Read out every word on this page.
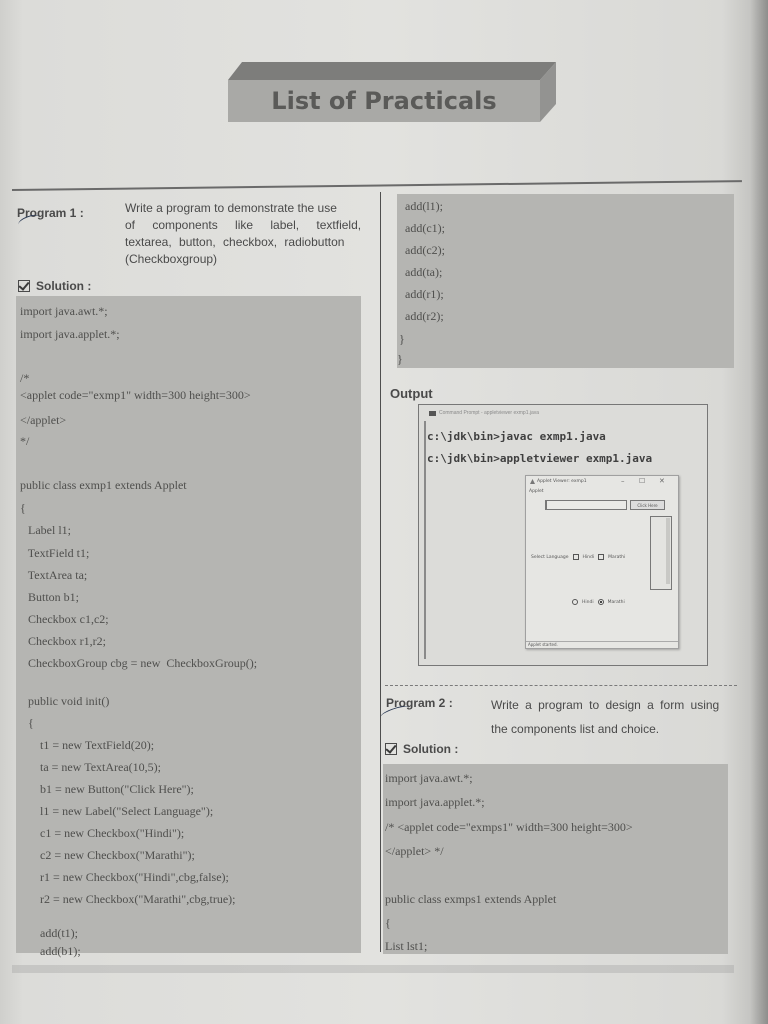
List of Practicals
Program 1 :	Write a program to demonstrate the use
of components like label, textfield,
textarea, button, checkbox, radiobutton
(Checkboxgroup)
Solution :
import java.awt.*;
import java.applet.*;
/*
<applet code="exmp1" width=300 height=300>
</applet>
*/
public class exmp1 extends Applet
{
Label l1;
TextField t1;
TextArea ta;
Button b1;
Checkbox c1,c2;
Checkbox r1,r2;
CheckboxGroup cbg = new  CheckboxGroup();
public void init()
{
t1 = new TextField(20);
ta = new TextArea(10,5);
b1 = new Button("Click Here");
l1 = new Label("Select Language");
c1 = new Checkbox("Hindi");
c2 = new Checkbox("Marathi");
r1 = new Checkbox("Hindi",cbg,false);
r2 = new Checkbox("Marathi",cbg,true);
add(t1);
add(b1);
add(l1);
add(c1);
add(c2);
add(ta);
add(r1);
add(r2);
}
}
Output
Command Prompt - appletviewer exmp1.java
c:\jdk\bin>javac exmp1.java
c:\jdk\bin>appletviewer exmp1.java
Applet Viewer: exmp1	– ☐ ✕
Applet
Click Here
Select Language	Hindi	Marathi
Hindi	Marathi
Applet started.
Program 2 :	Write a program to design a form using
the components list and choice.
Solution :
import java.awt.*;
import java.applet.*;
/* <applet code="exmps1" width=300 height=300>
</applet> */
public class exmps1 extends Applet
{
List lst1;
